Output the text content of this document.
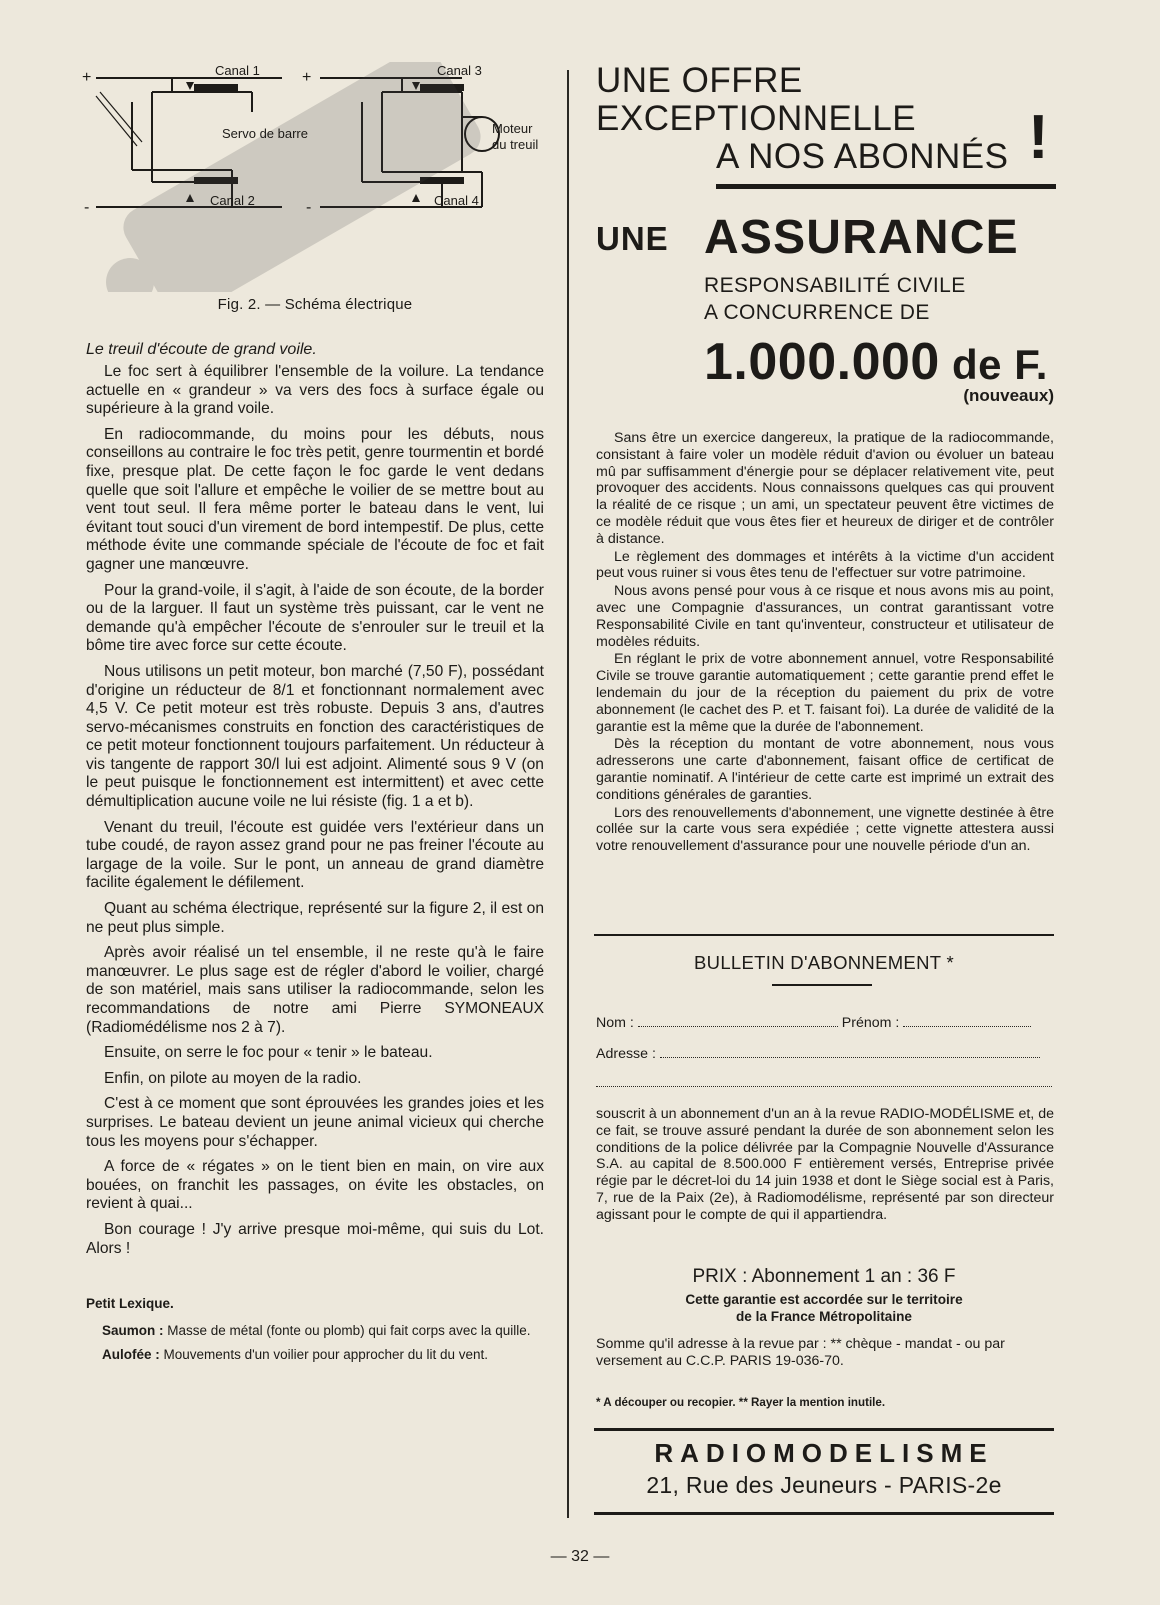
Canal 1	Canal 3
Canal 2	Canal 4
Servo de barre	Moteur
du treuil
+	+
-	-
Fig. 2. — Schéma électrique
Le treuil d'écoute de grand voile.

Le foc sert à équilibrer l'ensemble de la voilure. La tendance actuelle en « grandeur » va vers des focs à surface égale ou supérieure à la grand voile.

En radiocommande, du moins pour les débuts, nous conseillons au contraire le foc très petit, genre tourmentin et bordé fixe, presque plat. De cette façon le foc garde le vent dedans quelle que soit l'allure et empêche le voilier de se mettre bout au vent tout seul. Il fera même porter le bateau dans le vent, lui évitant tout souci d'un virement de bord intempestif. De plus, cette méthode évite une commande spéciale de l'écoute de foc et fait gagner une manœuvre.

Pour la grand-voile, il s'agit, à l'aide de son écoute, de la border ou de la larguer. Il faut un système très puissant, car le vent ne demande qu'à empêcher l'écoute de s'enrouler sur le treuil et la bôme tire avec force sur cette écoute.

Nous utilisons un petit moteur, bon marché (7,50 F), possédant d'origine un réducteur de 8/1 et fonctionnant normalement avec 4,5 V. Ce petit moteur est très robuste. Depuis 3 ans, d'autres servo-mécanismes construits en fonction des caractéristiques de ce petit moteur fonctionnent toujours parfaitement. Un réducteur à vis tangente de rapport 30/l lui est adjoint. Alimenté sous 9 V (on le peut puisque le fonctionnement est intermittent) et avec cette démultiplication aucune voile ne lui résiste (fig. 1 a et b).

Venant du treuil, l'écoute est guidée vers l'extérieur dans un tube coudé, de rayon assez grand pour ne pas freiner l'écoute au largage de la voile. Sur le pont, un anneau de grand diamètre facilite également le défilement.

Quant au schéma électrique, représenté sur la figure 2, il est on ne peut plus simple.

Après avoir réalisé un tel ensemble, il ne reste qu'à le faire manœuvrer. Le plus sage est de régler d'abord le voilier, chargé de son matériel, mais sans utiliser la radiocommande, selon les recommandations de notre ami Pierre SYMONEAUX (Radiomédélisme nos 2 à 7).

Ensuite, on serre le foc pour « tenir » le bateau.

Enfin, on pilote au moyen de la radio.

C'est à ce moment que sont éprouvées les grandes joies et les surprises. Le bateau devient un jeune animal vicieux qui cherche tous les moyens pour s'échapper.

A force de « régates » on le tient bien en main, on vire aux bouées, on franchit les passages, on évite les obstacles, on revient à quai...

Bon courage ! J'y arrive presque moi-même, qui suis du Lot. Alors !

Petit Lexique.

Saumon : Masse de métal (fonte ou plomb) qui fait corps avec la quille.

Aulofée : Mouvements d'un voilier pour approcher du lit du vent.

UNE OFFRE
EXCEPTIONNELLE
A NOS ABONNÉS !
UNE ASSURANCE
RESPONSABILITÉ CIVILE
A CONCURRENCE DE
1.000.000 de F.
(nouveaux)

Sans être un exercice dangereux, la pratique de la radiocommande, consistant à faire voler un modèle réduit d'avion ou évoluer un bateau mû par suffisamment d'énergie pour se déplacer relativement vite, peut provoquer des accidents. Nous connaissons quelques cas qui prouvent la réalité de ce risque ; un ami, un spectateur peuvent être victimes de ce modèle réduit que vous êtes fier et heureux de diriger et de contrôler à distance.

Le règlement des dommages et intérêts à la victime d'un accident peut vous ruiner si vous êtes tenu de l'effectuer sur votre patrimoine.

Nous avons pensé pour vous à ce risque et nous avons mis au point, avec une Compagnie d'assurances, un contrat garantissant votre Responsabilité Civile en tant qu'inventeur, constructeur et utilisateur de modèles réduits.

En réglant le prix de votre abonnement annuel, votre Responsabilité Civile se trouve garantie automatiquement ; cette garantie prend effet le lendemain du jour de la réception du paiement du prix de votre abonnement (le cachet des P. et T. faisant foi). La durée de validité de la garantie est la même que la durée de l'abonnement.

Dès la réception du montant de votre abonnement, nous vous adresserons une carte d'abonnement, faisant office de certificat de garantie nominatif. A l'intérieur de cette carte est imprimé un extrait des conditions générales de garanties.

Lors des renouvellements d'abonnement, une vignette destinée à être collée sur la carte vous sera expédiée ; cette vignette attestera aussi votre renouvellement d'assurance pour une nouvelle période d'un an.

BULLETIN D'ABONNEMENT *
Nom :	Prénom :
Adresse :
souscrit à un abonnement d'un an à la revue RADIO-MODÉLISME et, de ce fait, se trouve assuré pendant la durée de son abonnement selon les conditions de la police délivrée par la Compagnie Nouvelle d'Assurance S.A. au capital de 8.500.000 F entièrement versés, Entreprise privée régie par le décret-loi du 14 juin 1938 et dont le Siège social est à Paris, 7, rue de la Paix (2e), à Radiomodélisme, représenté par son directeur agissant pour le compte de qui il appartiendra.
PRIX : Abonnement 1 an : 36 F
Cette garantie est accordée sur le territoire
de la France Métropolitaine
Somme qu'il adresse à la revue par : ** chèque - mandat - ou par versement au C.C.P. PARIS 19-036-70.
* A découper ou recopier. ** Rayer la mention inutile.
RADIOMODELISME
21, Rue des Jeuneurs - PARIS-2e
— 32 —
